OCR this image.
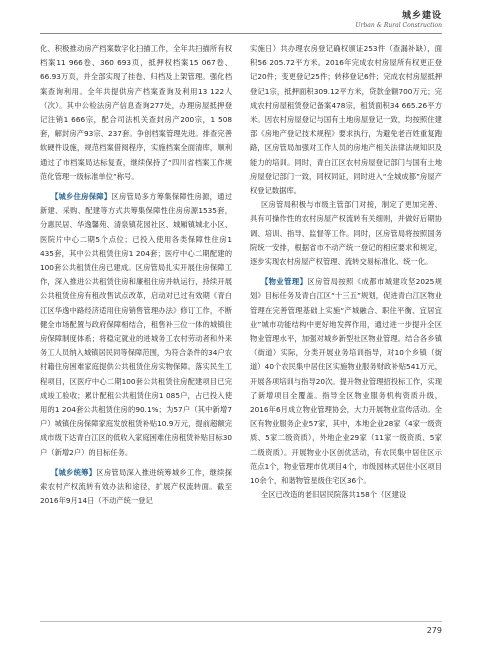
城乡建设
Urban & Rural Construction

化、积极推动房产档案数字化扫描工作，全年共扫描所有权档案11 966卷、360 693页，抵押权档案15 067卷、66.93万页，并全部实现了挂卷、归档及上架管理。强化档案查询利用。全年共提供房产档案查询及利用13 122人（次）。其中公检法房产信息查询277处，办理房屋抵押登记注销1 666宗，配合司法机关查封房产200宗，1 508套，解封房产93宗、237套。争创档案管理先进。排查完善软硬件设施，规范档案借阅程序，实施档案全面清库，顺利通过了市档案局达标复查，继续保持了“四川省档案工作规范化管理一级标准单位”称号。

【城乡住房保障】区房管局多方筹集保障性房源，通过新建、采购、配建等方式共筹集保障性住房房源1535套，分惠民居、华逸馨苑、清泉镇花园社区、城厢镇城北小区、医院片中心二期5个点位；已投入使用各类保障性住房1 435套，其中公共租赁住房1 204套；医疗中心二期配建的100套公共租赁住房已建成。区房管局扎实开展住房保障工作，深入推进公共租赁住房和廉租住房并轨运行，持续开展公共租赁住房有租改售试点改革，启动对已过有效期《青白江区华逸中路经济适用住房销售管理办法》修订工作，不断健全市场配置与政府保障相结合，租售补三位一体的城镇住房保障制度体系；将稳定就业的进城务工农村劳动者和外来务工人员纳入城镇居民同等保障范围，为符合条件的34户农村籍住房困难家庭提供公共租赁住房实物保障。落实民生工程项目，区医疗中心二期100套公共租赁住房配建项目已完成竣工验收；累计配租公共租赁住房1 085户，占已投入使用的1 204套公共租赁住房的90.1%；为57户（其中新增7户）城镇住房保障家庭发放租赁补贴10.9万元，提前超额完成市级下达青白江区的低收入家庭困难住房租赁补贴目标30户（新增2户）的目标任务。

【城乡统筹】区房管局深入推进统筹城乡工作，继续探索农村产权流转有效办法和途径，扩展产权流转面。截至2016年9月14日（不动产统一登记

实施日）共办理农房登记确权颁证253件（查漏补缺），面积56 205.72平方米。2016年完成农村房屋所有权更正登记20件；变更登记25件；转移登记6件；完成农村房屋抵押登记1宗，抵押面积309.12平方米，贷款金额700万元；完成农村房屋租赁登记备案478宗，租赁面积34 665.26平方米。因农村房屋登记与国有土地房屋登记一致，均按照住建部《房地产登记技术规程》要求执行，为避免老百姓重复跑路，区房管局加强对工作人员的房地产相关法律法规知识及能力的培训。同时，青白江区农村房屋登记部门与国有土地房屋登记部门一致，同权同证，同时进入“全城成都”房屋产权登记数据库。

区房管局积极与市级主管部门对接，制定了更加完善、具有可操作性的农村房屋产权流转有关细则，并做好后期协调、培训、指导、监督等工作。同时，区房管局将按照国务院统一安排，根据省市不动产统一登记的相应要求和规定，逐步实现农村房屋产权管理、流转交易标准化、统一化。

【物业管理】区房管局按照《成都市城建攻坚2025规划》目标任务及青白江区“十三五”规划，促进青白江区物业管理在完善管理基础上实施“产城融合、职住平衡、宜居宜业”城市功能结构中更好地发挥作用，通过进一步提升全区物业管理水平，加强对城乡新型社区物业管理。结合各乡镇（街道）实际，分类开展业务培训指导，对10个乡镇（街道）40个农民集中居住区实施物业服务财政补贴541万元，开展各项培训与指导20次。提升物业管理招投标工作，实现了新增项目全覆盖。指导全区物业服务机构资质升级，2016年6月成立物业管理协会，大力开展物业宣传活动。全区有物业服务企业57家，其中，本地企业28家（4家一级资质、5家二级资质），外地企业29家（11家一级资质、5家二级资质）。开展物业小区创优活动，有农民集中居住区示范点1个，物业管理市优项目4个，市级园林式居住小区项目10余个，和谐物管星级住宅区36个。

全区已改造的老旧居民院落共158个（区建设

279
